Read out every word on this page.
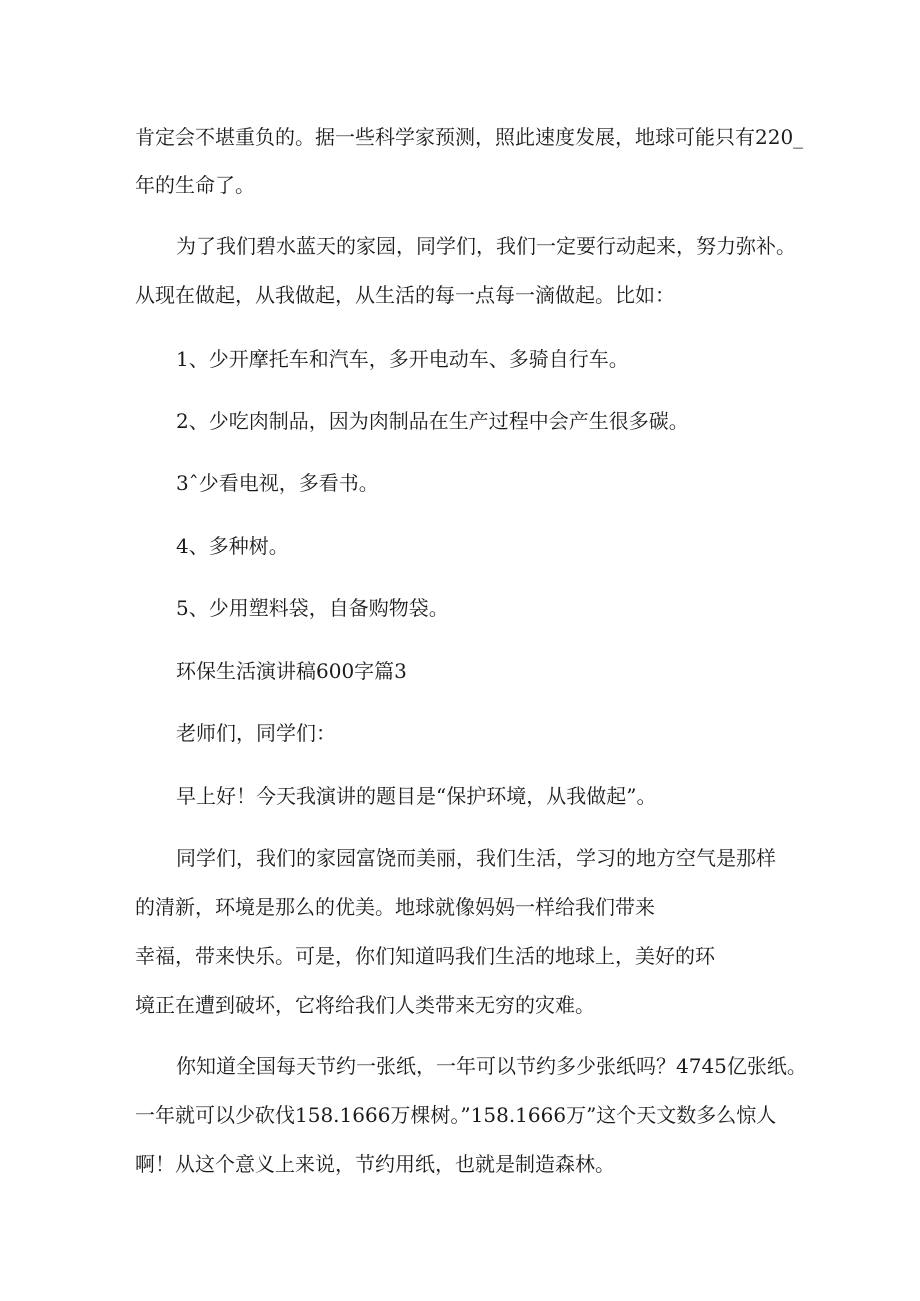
肯定会不堪重负的。据一些科学家预测，照此速度发展，地球可能只有220_
年的生命了。
为了我们碧水蓝天的家园，同学们，我们一定要行动起来，努力弥补。
从现在做起，从我做起，从生活的每一点每一滴做起。比如：
1、少开摩托车和汽车，多开电动车、多骑自行车。
2、少吃肉制品，因为肉制品在生产过程中会产生很多碳。
3ˆ少看电视，多看书。
4、多种树。
5、少用塑料袋，自备购物袋。
环保生活演讲稿600字篇3
老师们，同学们：
早上好！今天我演讲的题目是“保护环境，从我做起”。
同学们，我们的家园富饶而美丽，我们生活，学习的地方空气是那样
的清新，环境是那么的优美。地球就像妈妈一样给我们带来
幸福，带来快乐。可是，你们知道吗我们生活的地球上，美好的环
境正在遭到破坏，它将给我们人类带来无穷的灾难。
你知道全国每天节约一张纸，一年可以节约多少张纸吗？4745亿张纸。
一年就可以少砍伐158.1666万棵树。”158.1666万”这个天文数多么惊人
啊！从这个意义上来说，节约用纸，也就是制造森林。
